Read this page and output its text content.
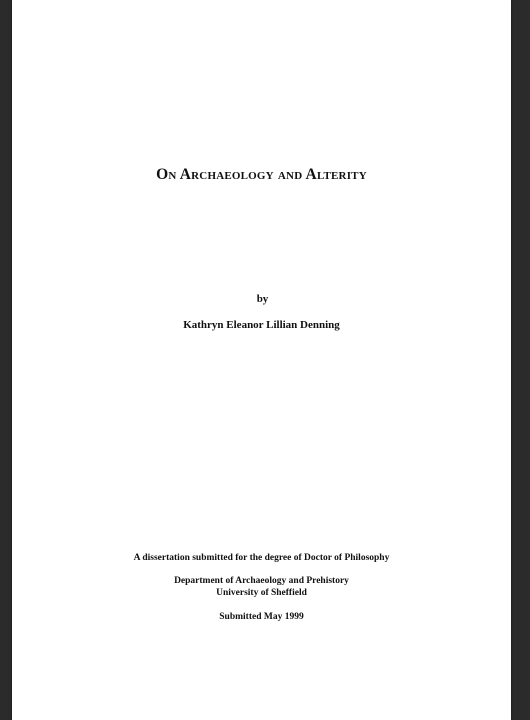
On Archaeology and Alterity
by
Kathryn Eleanor Lillian Denning
A dissertation submitted for the degree of Doctor of Philosophy
Department of Archaeology and Prehistory
University of Sheffield
Submitted May 1999
